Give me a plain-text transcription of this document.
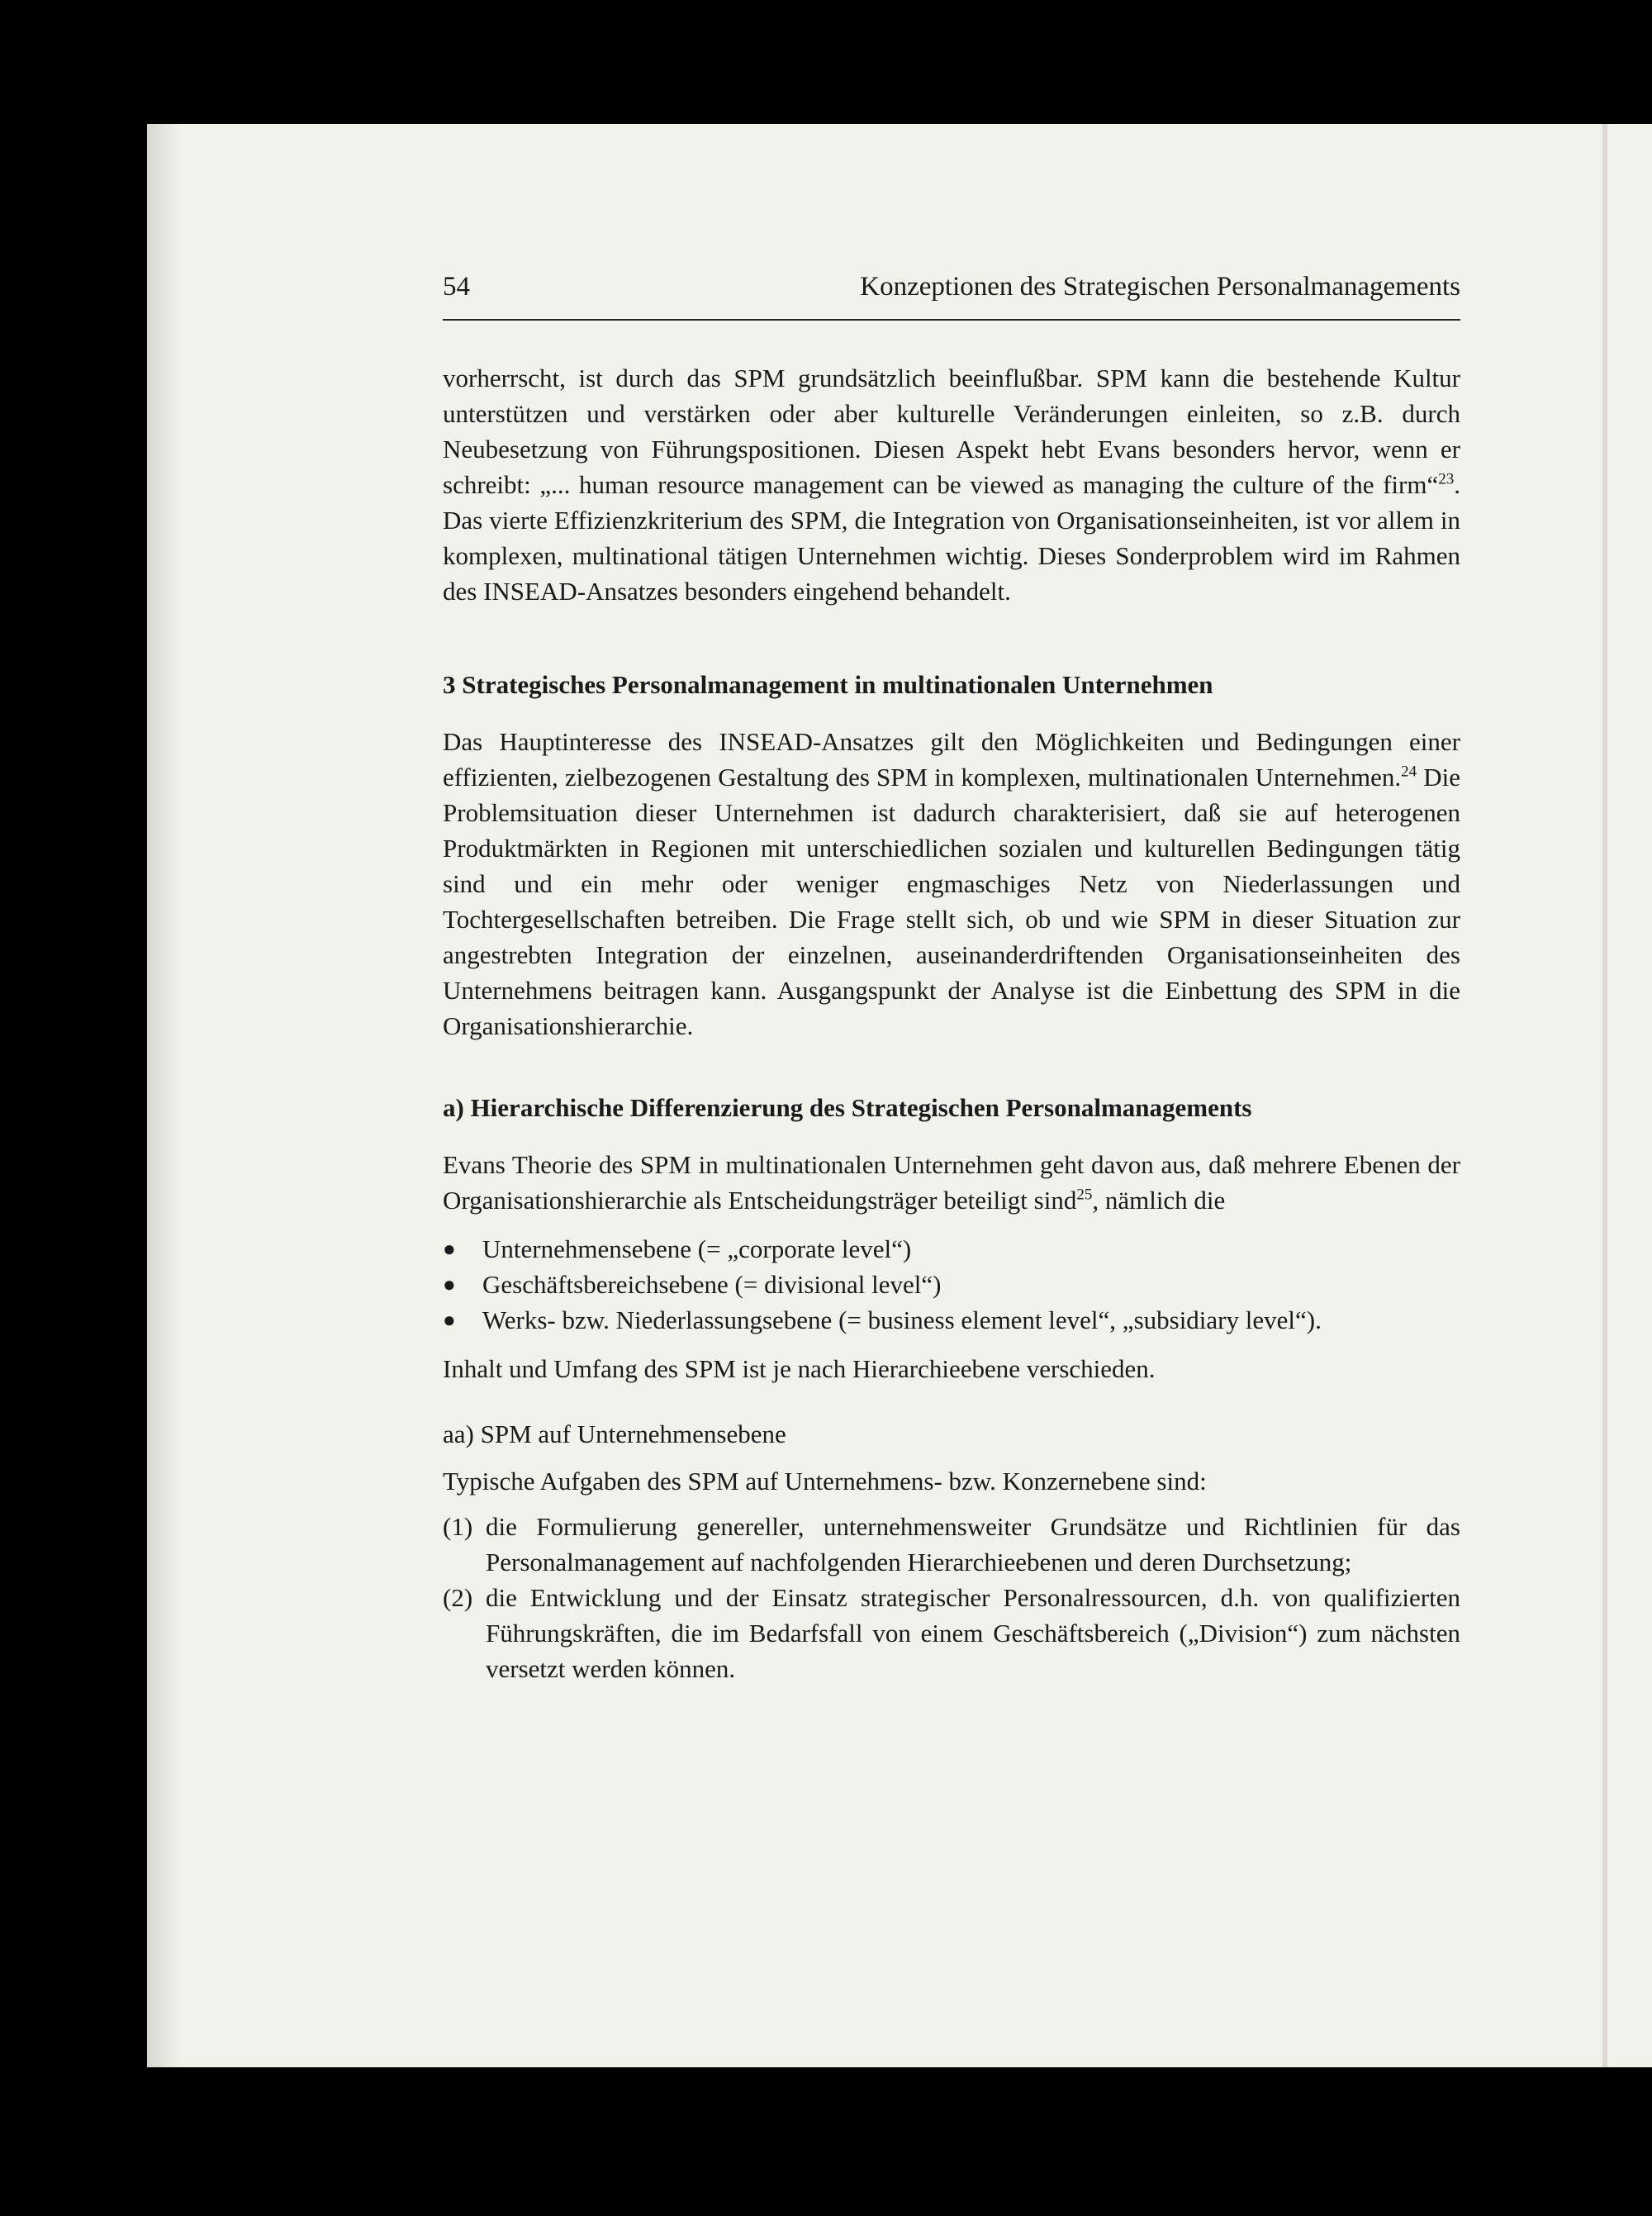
54	Konzeptionen des Strategischen Personalmanagements

vorherrscht, ist durch das SPM grundsätzlich beeinflußbar. SPM kann die bestehende Kultur unterstützen und verstärken oder aber kulturelle Veränderungen einleiten, so z.B. durch Neubesetzung von Führungspositionen. Diesen Aspekt hebt Evans besonders hervor, wenn er schreibt: „... human resource management can be viewed as managing the culture of the firm“$^{23}$. Das vierte Effizienzkriterium des SPM, die Integration von Organisationseinheiten, ist vor allem in komplexen, multinational tätigen Unternehmen wichtig. Dieses Sonderproblem wird im Rahmen des INSEAD-Ansatzes besonders eingehend behandelt.

3 Strategisches Personalmanagement in multinationalen Unternehmen

Das Hauptinteresse des INSEAD-Ansatzes gilt den Möglichkeiten und Bedingungen einer effizienten, zielbezogenen Gestaltung des SPM in komplexen, multinationalen Unternehmen.$^{24}$ Die Problemsituation dieser Unternehmen ist dadurch charakterisiert, daß sie auf heterogenen Produktmärkten in Regionen mit unterschiedlichen sozialen und kulturellen Bedingungen tätig sind und ein mehr oder weniger engmaschiges Netz von Niederlassungen und Tochtergesellschaften betreiben. Die Frage stellt sich, ob und wie SPM in dieser Situation zur angestrebten Integration der einzelnen, auseinanderdriftenden Organisationseinheiten des Unternehmens beitragen kann. Ausgangspunkt der Analyse ist die Einbettung des SPM in die Organisationshierarchie.

a) Hierarchische Differenzierung des Strategischen Personalmanagements

Evans Theorie des SPM in multinationalen Unternehmen geht davon aus, daß mehrere Ebenen der Organisationshierarchie als Entscheidungsträger beteiligt sind$^{25}$, nämlich die

●	Unternehmensebene (= „corporate level“)
●	Geschäftsbereichsebene (= divisional level“)
●	Werks- bzw. Niederlassungsebene (= business element level“, „subsidiary level“).

Inhalt und Umfang des SPM ist je nach Hierarchieebene verschieden.

aa) SPM auf Unternehmensebene

Typische Aufgaben des SPM auf Unternehmens- bzw. Konzernebene sind:

(1) die Formulierung genereller, unternehmensweiter Grundsätze und Richtlinien für das Personalmanagement auf nachfolgenden Hierarchieebenen und deren Durchsetzung;
(2) die Entwicklung und der Einsatz strategischer Personalressourcen, d.h. von qualifizierten Führungskräften, die im Bedarfsfall von einem Geschäftsbereich („Division“) zum nächsten versetzt werden können.
